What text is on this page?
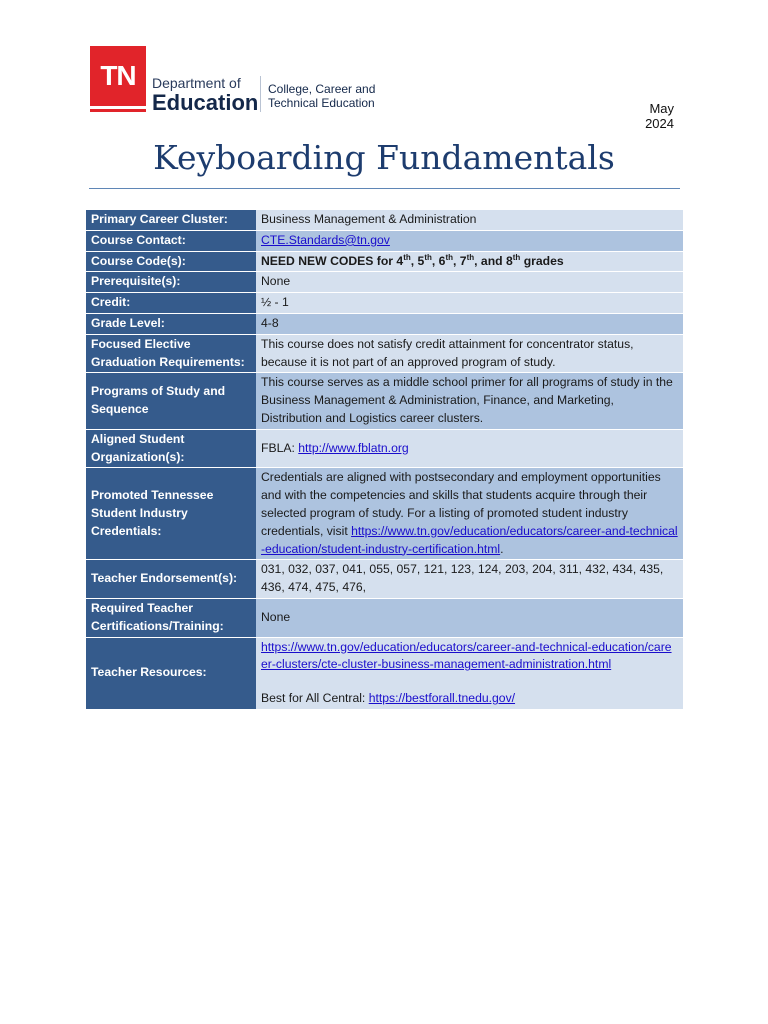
TN	Department of
Education
College, Career and
Technical Education	May 2024
Keyboarding Fundamentals
Primary Career Cluster:	Business Management & Administration
Course Contact:	CTE.Standards@tn.gov
Course Code(s):	NEED NEW CODES for 4th, 5th, 6th, 7th, and 8th grades
Prerequisite(s):	None
Credit:	½ - 1
Grade Level:	4-8
Focused Elective Graduation Requirements:	This course does not satisfy credit attainment for concentrator status, because it is not part of an approved program of study.
Programs of Study and Sequence	This course serves as a middle school primer for all programs of study in the Business Management & Administration, Finance, and Marketing, Distribution and Logistics career clusters.
Aligned Student Organization(s):	FBLA: http://www.fblatn.org
Promoted Tennessee Student Industry Credentials:	Credentials are aligned with postsecondary and employment opportunities and with the competencies and skills that students acquire through their selected program of study. For a listing of promoted student industry credentials, visit https://www.tn.gov/education/educators/career-and-technical-education/student-industry-certification.html.
Teacher Endorsement(s):	031, 032, 037, 041, 055, 057, 121, 123, 124, 203, 204, 311, 432, 434, 435, 436, 474, 475, 476,
Required Teacher Certifications/Training:	None
Teacher Resources:	https://www.tn.gov/education/educators/career-and-technical-education/career-clusters/cte-cluster-business-management-administration.html
Best for All Central: https://bestforall.tnedu.gov/
